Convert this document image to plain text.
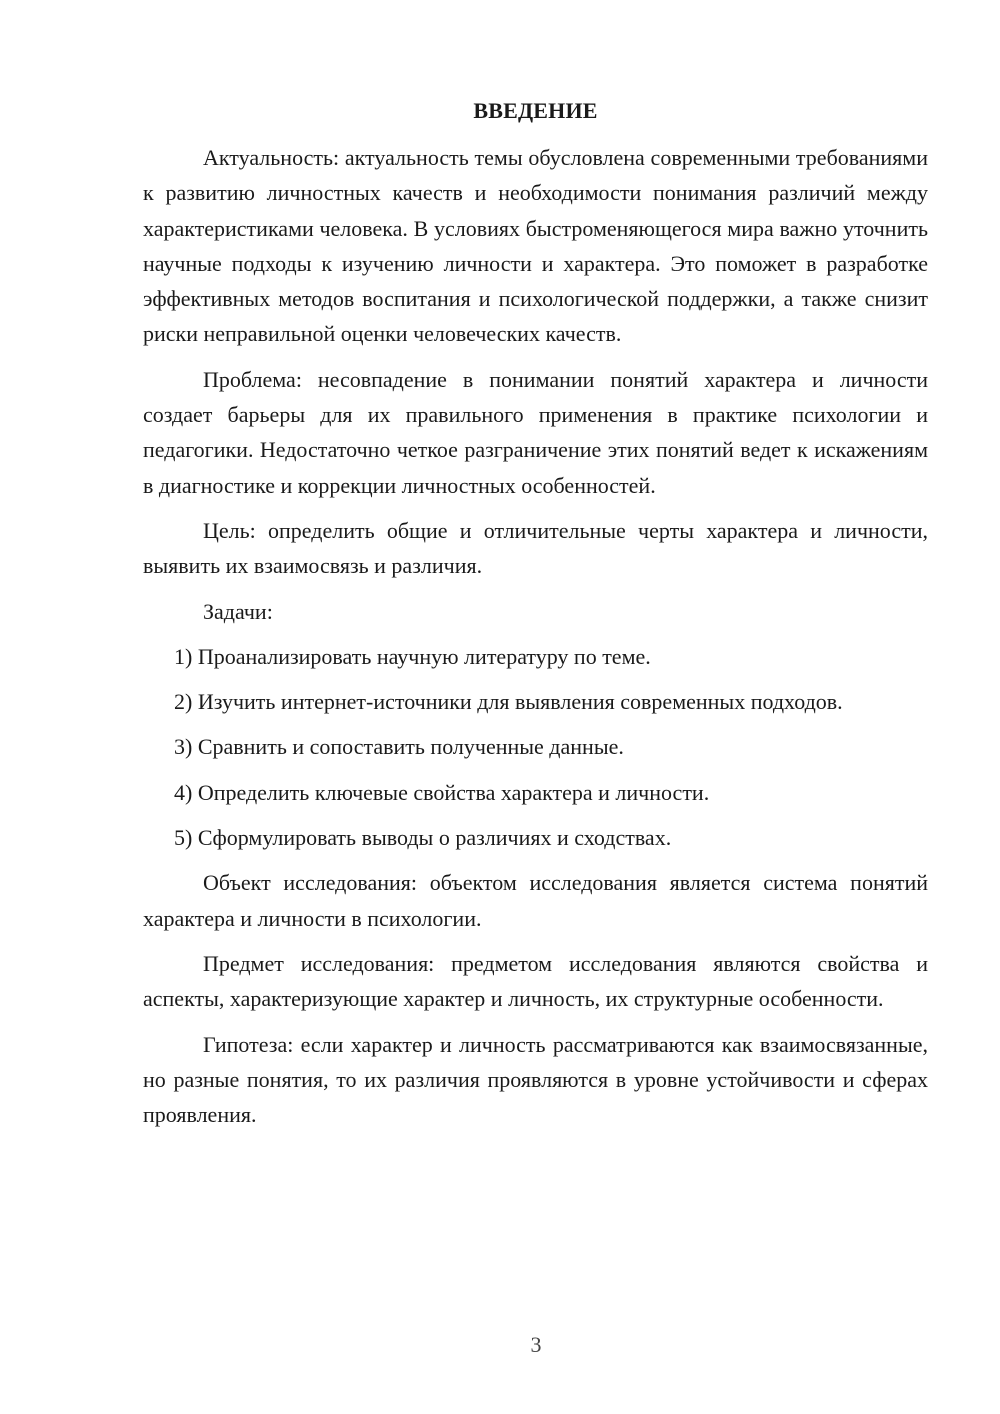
ВВЕДЕНИЕ

Актуальность: актуальность темы обусловлена современными требованиями к развитию личностных качеств и необходимости понимания различий между характеристиками человека. В условиях быстроменяющегося мира важно уточнить научные подходы к изучению личности и характера. Это поможет в разработке эффективных методов воспитания и психологической поддержки, а также снизит риски неправильной оценки человеческих качеств.

Проблема: несовпадение в понимании понятий характера и личности создает барьеры для их правильного применения в практике психологии и педагогики. Недостаточно четкое разграничение этих понятий ведет к искажениям в диагностике и коррекции личностных особенностей.

Цель: определить общие и отличительные черты характера и личности, выявить их взаимосвязь и различия.

Задачи:

1) Проанализировать научную литературу по теме.

2) Изучить интернет-источники для выявления современных подходов.

3) Сравнить и сопоставить полученные данные.

4) Определить ключевые свойства характера и личности.

5) Сформулировать выводы о различиях и сходствах.

Объект исследования: объектом исследования является система понятий характера и личности в психологии.

Предмет исследования: предметом исследования являются свойства и аспекты, характеризующие характер и личность, их структурные особенности.

Гипотеза: если характер и личность рассматриваются как взаимосвязанные, но разные понятия, то их различия проявляются в уровне устойчивости и сферах проявления.

3
